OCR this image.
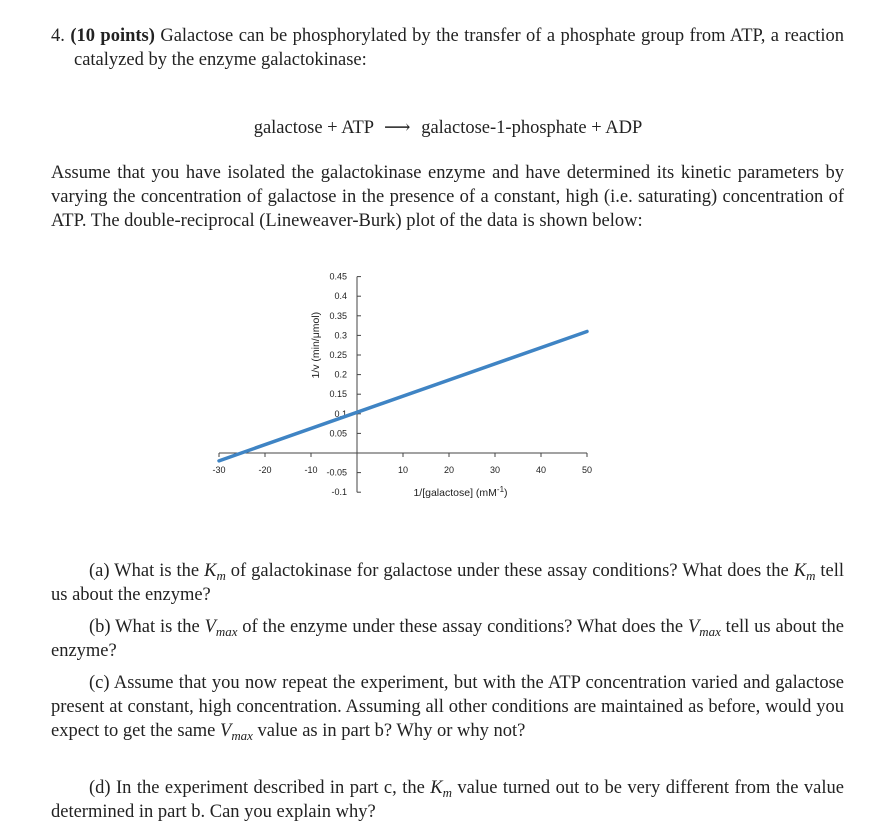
4. (10 points) Galactose can be phosphorylated by the transfer of a phosphate group from ATP, a reaction catalyzed by the enzyme galactokinase:
galactose + ATP ⟶ galactose-1-phosphate + ADP
Assume that you have isolated the galactokinase enzyme and have determined its kinetic parameters by varying the concentration of galactose in the presence of a constant, high (i.e. saturating) concentration of ATP. The double-reciprocal (Lineweaver-Burk) plot of the data is shown below:
0.45
0.4
0.35
0.3
0.25
0.2
0.15
0.1
0.05
-0.05
-0.1
-30	-20	-10	10	20	30	40	50
1/v (min/μmol)
1/[galactose] $(mM^{-1})$
(a) What is the $K_m$ of galactokinase for galactose under these assay conditions? What does the $K_m$ tell us about the enzyme?
(b) What is the $V_{max}$ of the enzyme under these assay conditions? What does the $V_{max}$ tell us about the enzyme?
(c) Assume that you now repeat the experiment, but with the ATP concentration varied and galactose present at constant, high concentration. Assuming all other conditions are maintained as before, would you expect to get the same $V_{max}$ value as in part b? Why or why not?
(d) In the experiment described in part c, the $K_m$ value turned out to be very different from the value determined in part b. Can you explain why?
